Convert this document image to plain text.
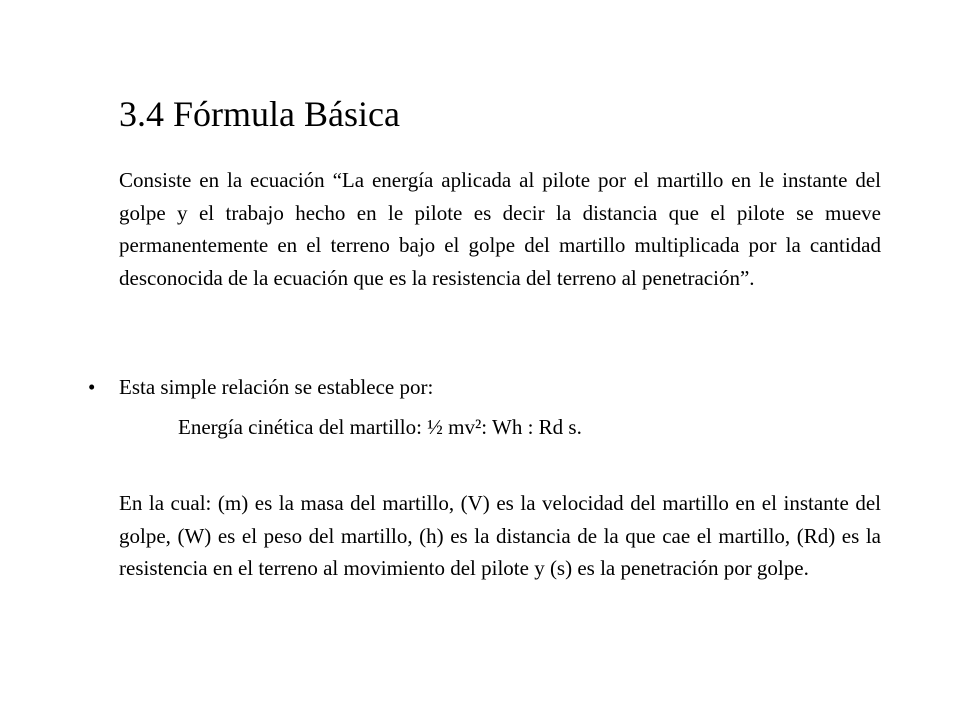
3.4 Fórmula Básica

Consiste en la ecuación “La energía aplicada al pilote por el martillo en le instante del golpe y el trabajo hecho en le pilote es decir la distancia que el pilote se mueve permanentemente en el terreno bajo el golpe del martillo multiplicada por la cantidad desconocida de la ecuación que es la resistencia del terreno al penetración”.

• Esta simple relación se establece por:
Energía cinética del martillo: ½ mv²: Wh : Rd s.

En la cual: (m) es la masa del martillo, (V) es la velocidad del martillo en el instante del golpe, (W) es el peso del martillo, (h) es la distancia de la que cae el martillo, (Rd) es la resistencia en el terreno al movimiento del pilote y (s) es la penetración por golpe.
